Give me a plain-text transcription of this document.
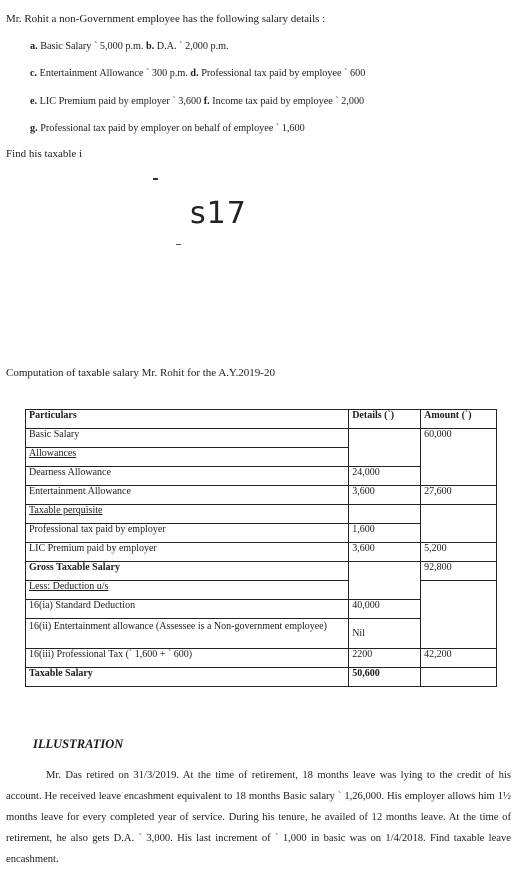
Mr. Rohit a non-Government employee has the following salary details :
a. Basic Salary ` 5,000 p.m. b. D.A. ` 2,000 p.m.
c. Entertainment Allowance ` 300 p.m. d. Professional tax paid by employee ` 600
e. LIC Premium paid by employer ` 3,600 f. Income tax paid by employee ` 2,000
g. Professional tax paid by employer on behalf of employee ` 1,600
Find his taxable i
s17
Computation of taxable salary Mr. Rohit for the A.Y.2019-20
Particulars	Details (`)	Amount (`)
Basic Salary		60,000
Allowances		
Dearness Allowance	24,000	
Entertainment Allowance	3,600	27,600
Taxable perquisite		
Professional tax paid by employer	1,600	
LIC Premium paid by employer	3,600	5,200
Gross Taxable Salary		92,800
Less: Deduction u/s		
16(ia) Standard Deduction	40,000	
16(ii) Entertainment allowance (Assessee is a Non-government employee)	Nil	
16(iii) Professional Tax (` 1,600 + ` 600)	2200	42,200
Taxable Salary	50,600	
ILLUSTRATION
Mr. Das retired on 31/3/2019. At the time of retirement, 18 months leave was lying to the credit of his account. He received leave encashment equivalent to 18 months Basic salary ` 1,26,000. His employer allows him 1½ months leave for every completed year of service. During his tenure, he availed of 12 months leave. At the time of retirement, he also gets D.A. ` 3,000. His last increment of ` 1,000 in basic was on 1/4/2018. Find taxable leave encashment.
